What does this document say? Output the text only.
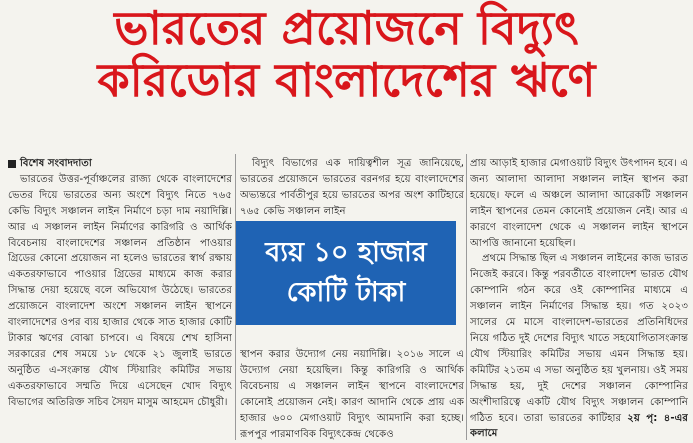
ভারতের প্রয়োজনে বিদ্যুৎ
করিডোর বাংলাদেশের ঋণে
বিশেষ সংবাদদাতা

ভারতের উত্তর-পূর্বাঞ্চলের রাজ্য থেকে বাংলাদেশের ভেতর দিয়ে ভারতের অন্য অংশে বিদ্যুৎ নিতে ৭৬৫ কেভি বিদ্যুৎ সঞ্চালন লাইন নির্মাণে চড়া দাম নয়াদিল্লি। আর এ সঞ্চালন লাইন নির্মাণের কারিগরি ও আর্থিক বিবেচনায় বাংলাদেশের সঞ্চালন প্রতিষ্ঠান পাওয়ার গ্রিডের কোনো প্রয়োজন না হলেও ভারতের স্বার্থ রক্ষায় একতরফাভাবে পাওয়ার গ্রিডের মাধ্যমে কাজ করার সিদ্ধান্ত দেয়া হয়েছে বলে অভিযোগ উঠেছে। ভারতের প্রয়োজনে বাংলাদেশ অংশে সঞ্চালন লাইন স্থাপনে বাংলাদেশের ওপর ব্যয় হাজার থেকে সাত হাজার কোটি টাকার ঋণের বোঝা চাপবে। এ বিষয়ে শেখ হাসিনা সরকারের শেষ সময়ে ১৮ থেকে ২১ জুলাই ভারতে অনুষ্ঠিত এ-সংক্রান্ত যৌথ স্টিয়ারিং কমিটির সভায় একতরফাভাবে সম্মতি দিয়ে এসেছেন খোদ বিদ্যুৎ বিভাগের অতিরিক্ত সচিব সৈয়দ মাসুম আহমেদ চৌধুরী।

বিদ্যুৎ বিভাগের এক দায়িত্বশীল সূত্র জানিয়েছে, ভারতের প্রয়োজনে ভারতের বরনগর হয়ে বাংলাদেশের অভ্যন্তরে পার্বতীপুর হয়ে ভারতের অপর অংশ কাটিহারে ৭৬৫ কেভি সঞ্চালন লাইন

স্থাপন করার উদ্যোগ নেয় নয়াদিল্লি। ২০১৬ সালে এ উদ্যোগ নেয়া হয়েছিল। কিন্তু কারিগরি ও আর্থিক বিবেচনায় এ সঞ্চালন লাইন স্থাপনে বাংলাদেশের কোনোই প্রয়োজন নেই। কারণ আদানি থেকে প্রায় এক হাজার ৬০০ মেগাওয়াট বিদ্যুৎ আমদানি করা হচ্ছে। রূপপুর পারমাণবিক বিদ্যুৎকেন্দ্র থেকেও

ব্যয় ১০ হাজার
কোটি টাকা

প্রায় আড়াই হাজার মেগাওয়াট বিদ্যুৎ উৎপাদন হবে। এ জন্য আলাদা আলাদা সঞ্চালন লাইন স্থাপন করা হয়েছে। ফলে এ অঞ্চলে আলাদা আরেকটি সঞ্চালন লাইন স্থাপনের তেমন কোনোই প্রয়োজন নেই। আর এ কারণে বাংলাদেশ থেকে এ সঞ্চালন লাইন স্থাপনে আপত্তি জানানো হয়েছিল।

প্রথমে সিদ্ধান্ত ছিল এ সঞ্চালন লাইনের কাজ ভারত নিজেই করবে। কিন্তু পরবর্তীতে বাংলাদেশ ভারত যৌথ কোম্পানি গঠন করে ওই কোম্পানির মাধ্যমে এ সঞ্চালন লাইন নির্মাণের সিদ্ধান্ত হয়। গত ২০২৩ সালের মে মাসে বাংলাদেশ-ভারতের প্রতিনিধিদের নিয়ে গঠিত দুই দেশের বিদ্যুৎ খাতে সহযোগিতাসংক্রান্ত যৌথ স্টিয়ারিং কমিটির সভায় এমন সিদ্ধান্ত হয়। কমিটির ২১তম এ সভা অনুষ্ঠিত হয় খুলনায়। ওই সময় সিদ্ধান্ত হয়, দুই দেশের সঞ্চালন কোম্পানির অংশীদারিত্বে একটি যৌথ বিদ্যুৎ সঞ্চালন কোম্পানি গঠিত হবে। তারা ভারতের কাটিহার ২য় পৃ: ৪-এর কলামে
